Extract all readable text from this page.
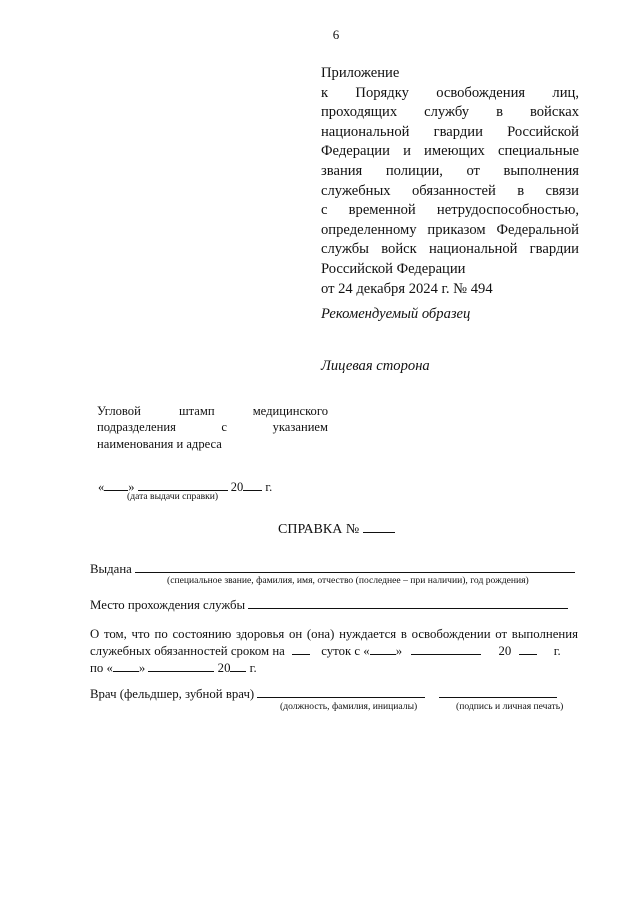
6
Приложение
к Порядку освобождения лиц,
проходящих службу в войсках
национальной гвардии Российской
Федерации и имеющих специальные
звания полиции, от выполнения
служебных обязанностей в связи
с временной нетрудоспособностью,
определенному приказом Федеральной
службы войск национальной гвардии
Российской Федерации
от 24 декабря 2024 г. № 494
Рекомендуемый образец
Лицевая сторона
Угловой штамп медицинского
подразделения с указанием
наименования и адреса
« »	20 г.
(дата выдачи справки)
СПРАВКА №
Выдана
(специальное звание, фамилия, имя, отчество (последнее – при наличии), год рождения)
Место прохождения службы
О том, что по состоянию здоровья он (она) нуждается в освобождении от выполнения
служебных обязанностей сроком на	суток с « »	20	г.
по « »	20 г.
Врач (фельдшер, зубной врач)
(должность, фамилия, инициалы)	(подпись и личная печать)
